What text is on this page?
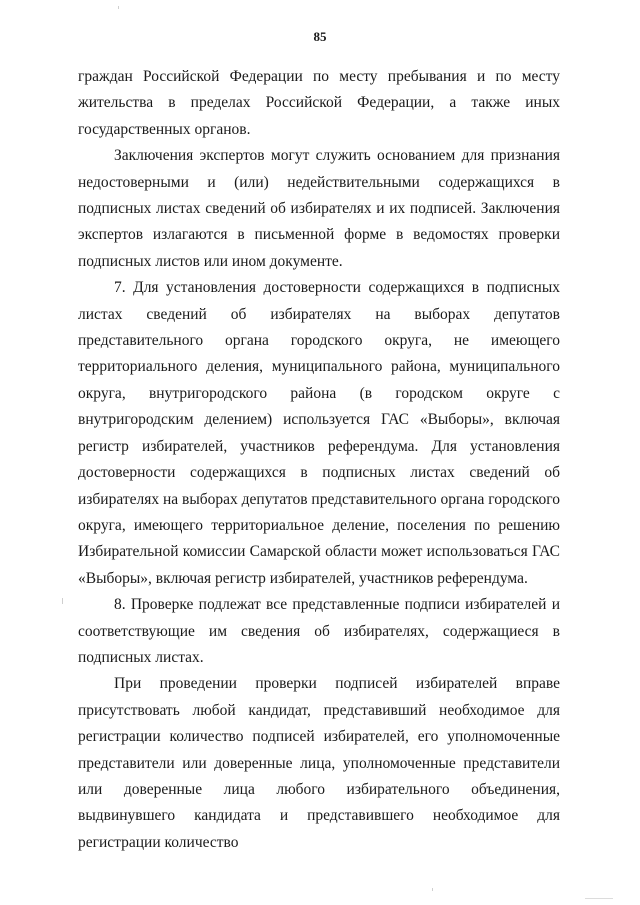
85

граждан Российской Федерации по месту пребывания и по месту жительства в пределах Российской Федерации, а также иных государственных органов.

Заключения экспертов могут служить основанием для признания недостоверными и (или) недействительными содержащихся в подписных листах сведений об избирателях и их подписей. Заключения экспертов излагаются в письменной форме в ведомостях проверки подписных листов или ином документе.

7. Для установления достоверности содержащихся в подписных листах сведений об избирателях на выборах депутатов представительного органа городского округа, не имеющего территориального деления, муниципального района, муниципального округа, внутригородского района (в городском округе с внутригородским делением) используется ГАС «Выборы», включая регистр избирателей, участников референдума. Для установления достоверности содержащихся в подписных листах сведений об избирателях на выборах депутатов представительного органа городского округа, имеющего территориальное деление, поселения по решению Избирательной комиссии Самарской области может использоваться ГАС «Выборы», включая регистр избирателей, участников референдума.

8. Проверке подлежат все представленные подписи избирателей и соответствующие им сведения об избирателях, содержащиеся в подписных листах.

При проведении проверки подписей избирателей вправе присутствовать любой кандидат, представивший необходимое для регистрации количество подписей избирателей, его уполномоченные представители или доверенные лица, уполномоченные представители или доверенные лица любого избирательного объединения, выдвинувшего кандидата и представившего необходимое для регистрации количество
